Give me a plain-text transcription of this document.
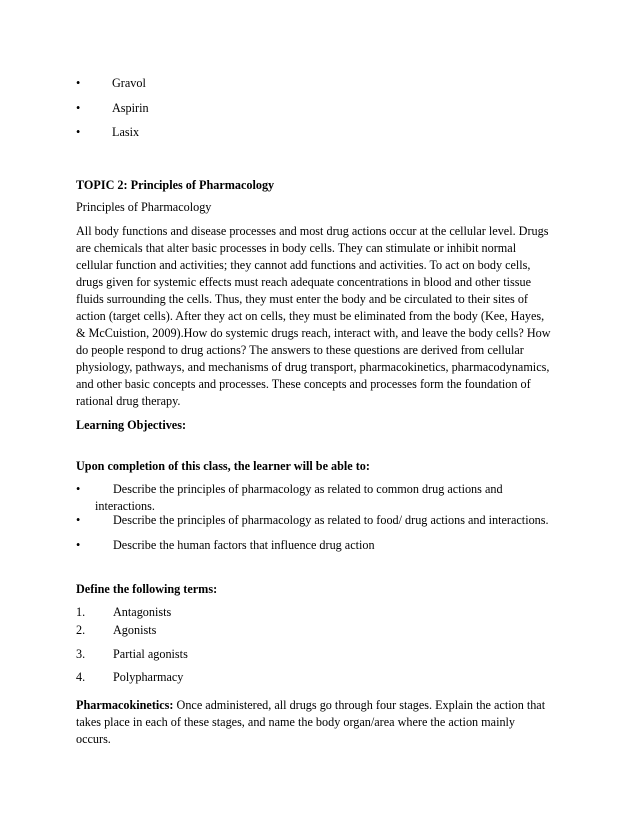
•	Gravol
•	Aspirin
•	Lasix
TOPIC 2: Principles of Pharmacology
Principles of Pharmacology
All body functions and disease processes and most drug actions occur at the cellular level. Drugs
are chemicals that alter basic processes in body cells. They can stimulate or inhibit normal
cellular function and activities; they cannot add functions and activities. To act on body cells,
drugs given for systemic effects must reach adequate concentrations in blood and other tissue
fluids surrounding the cells. Thus, they must enter the body and be circulated to their sites of
action (target cells). After they act on cells, they must be eliminated from the body (Kee, Hayes,
& McCuistion, 2009).How do systemic drugs reach, interact with, and leave the body cells? How
do people respond to drug actions? The answers to these questions are derived from cellular
physiology, pathways, and mechanisms of drug transport, pharmacokinetics, pharmacodynamics,
and other basic concepts and processes. These concepts and processes form the foundation of
rational drug therapy.
Learning Objectives:
Upon completion of this class, the learner will be able to:
•	Describe the principles of pharmacology as related to common drug actions and
interactions.
•	Describe the principles of pharmacology as related to food/ drug actions and interactions.
•	Describe the human factors that influence drug action
Define the following terms:
1. Antagonists
2. Agonists
3. Partial agonists
4. Polypharmacy
Pharmacokinetics: Once administered, all drugs go through four stages. Explain the action that
takes place in each of these stages, and name the body organ/area where the action mainly
occurs.
